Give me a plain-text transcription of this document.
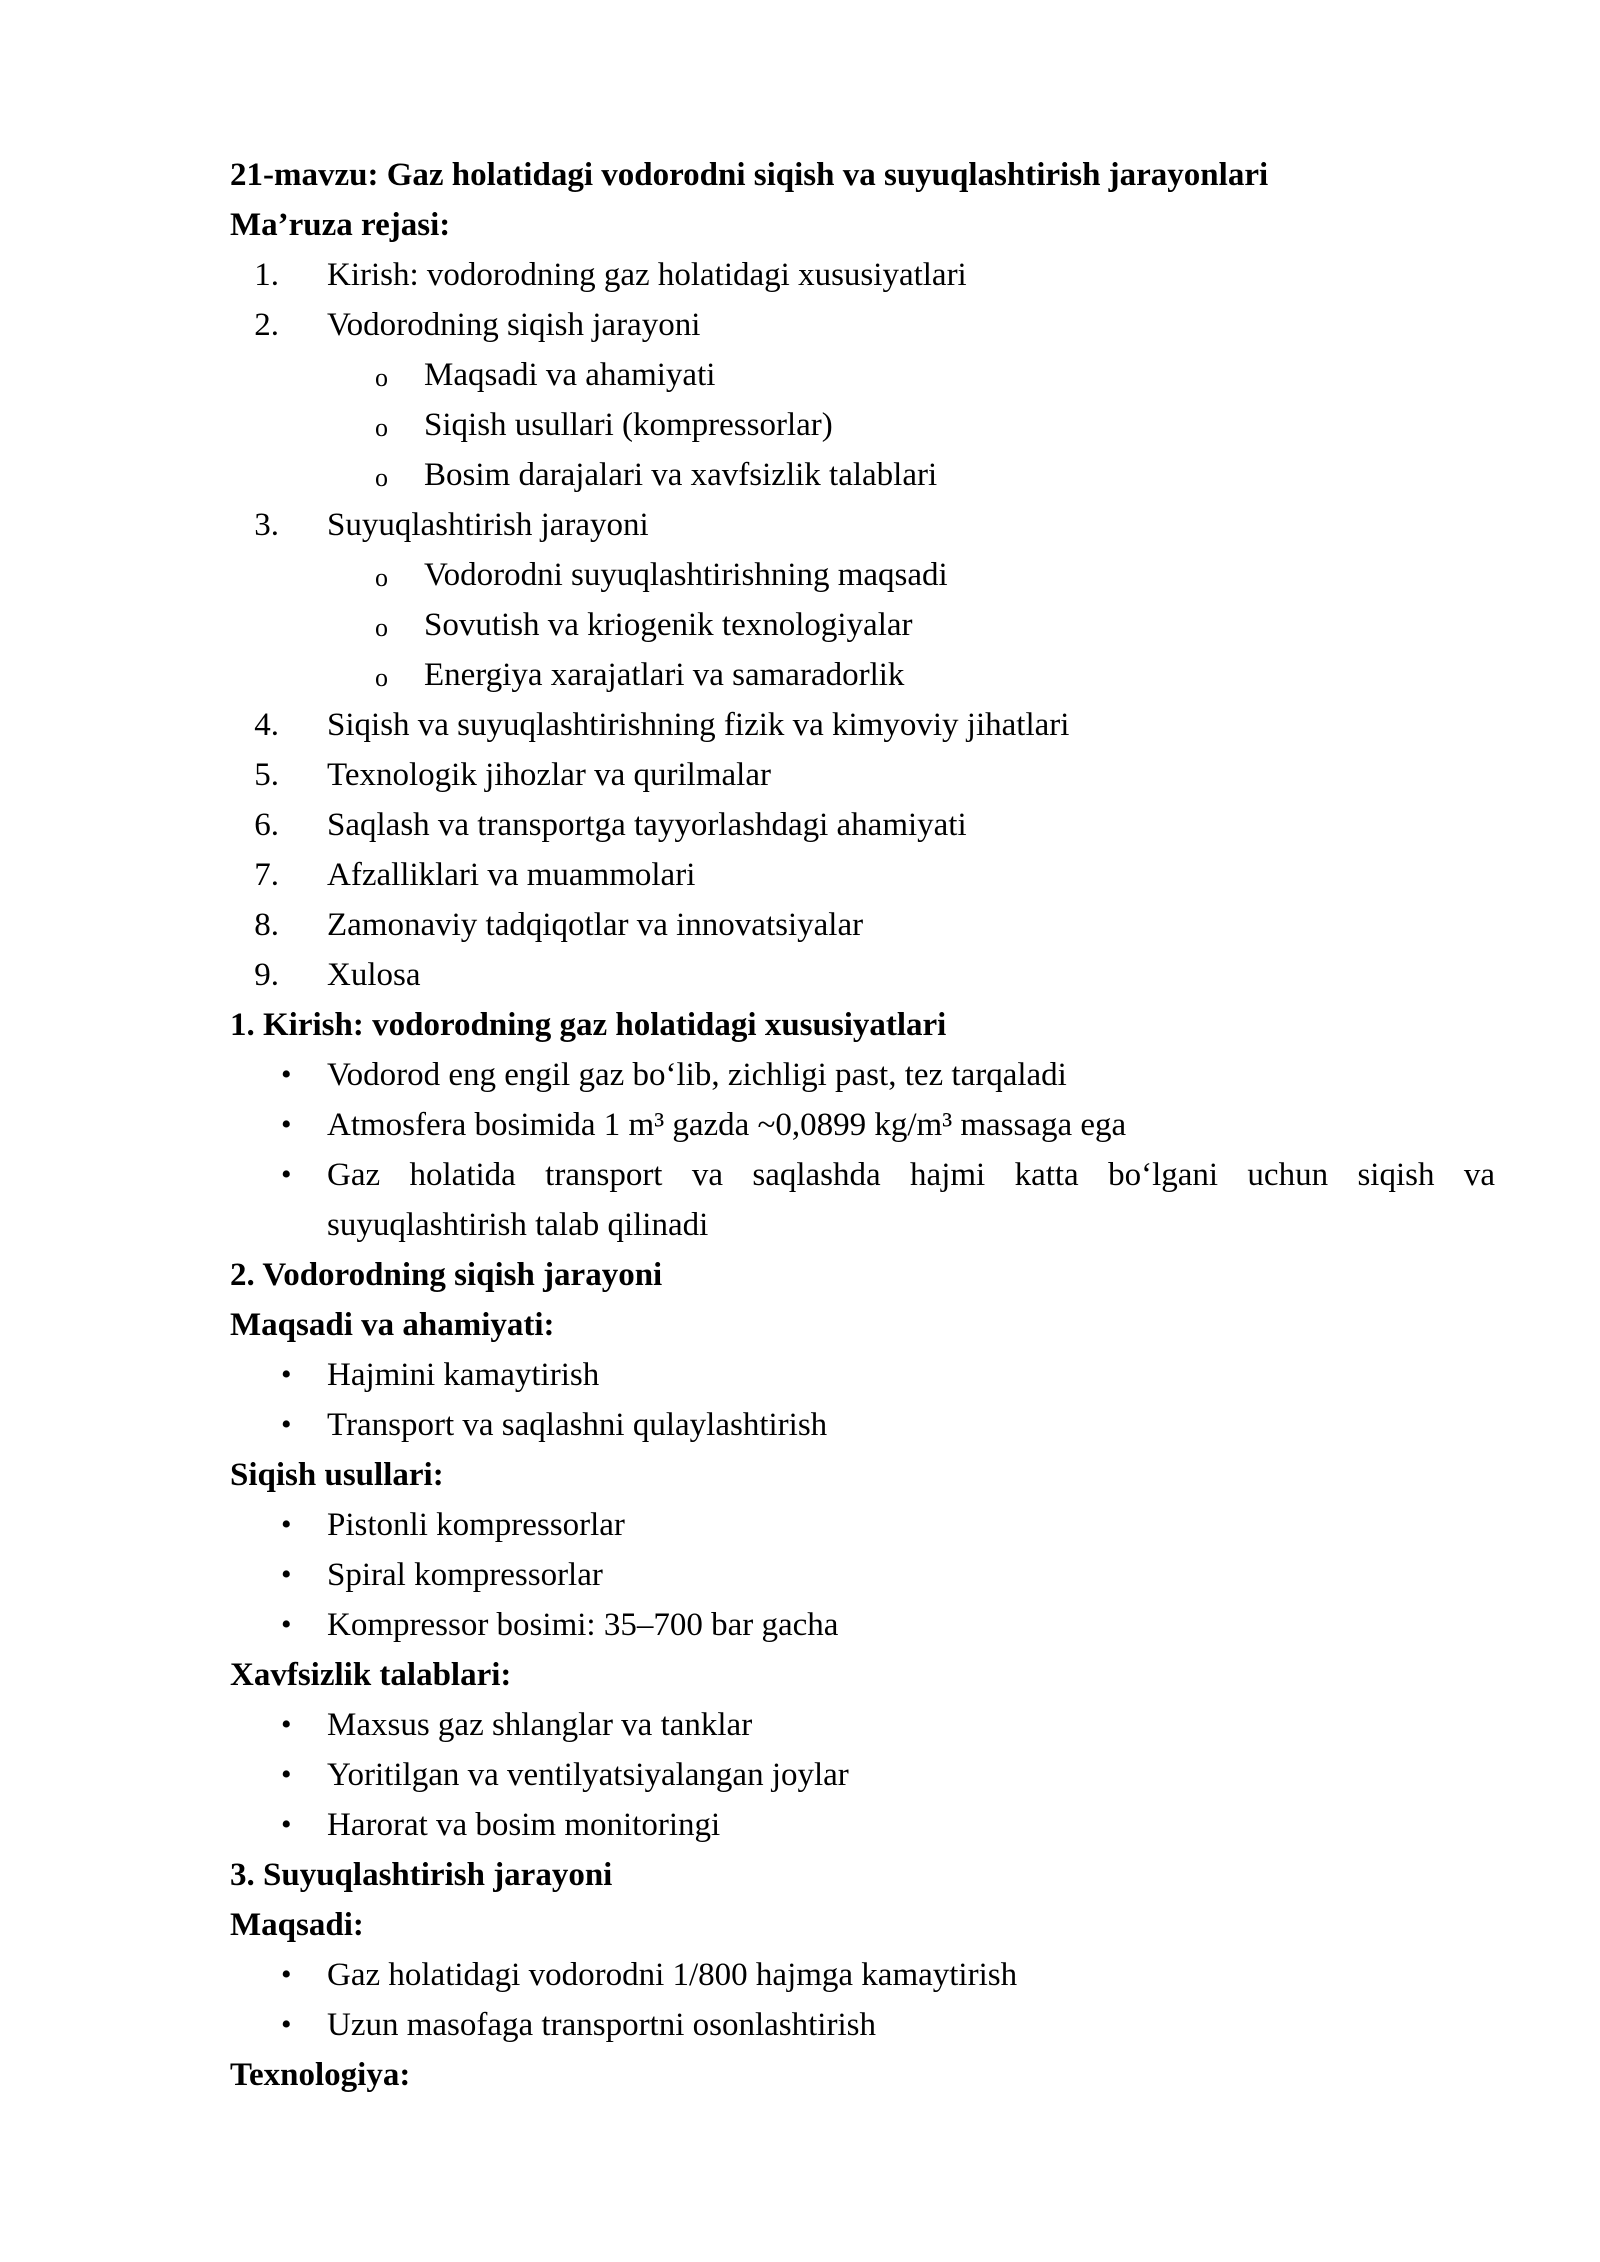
21-mavzu: Gaz holatidagi vodorodni siqish va suyuqlashtirish jarayonlari
Ma’ruza rejasi:
1. Kirish: vodorodning gaz holatidagi xususiyatlari
2. Vodorodning siqish jarayoni
o Maqsadi va ahamiyati
o Siqish usullari (kompressorlar)
o Bosim darajalari va xavfsizlik talablari
3. Suyuqlashtirish jarayoni
o Vodorodni suyuqlashtirishning maqsadi
o Sovutish va kriogenik texnologiyalar
o Energiya xarajatlari va samaradorlik
4. Siqish va suyuqlashtirishning fizik va kimyoviy jihatlari
5. Texnologik jihozlar va qurilmalar
6. Saqlash va transportga tayyorlashdagi ahamiyati
7. Afzalliklari va muammolari
8. Zamonaviy tadqiqotlar va innovatsiyalar
9. Xulosa
1. Kirish: vodorodning gaz holatidagi xususiyatlari
• Vodorod eng engil gaz bo‘lib, zichligi past, tez tarqaladi
• Atmosfera bosimida 1 m³ gazda ~0,0899 kg/m³ massaga ega
• Gaz holatida transport va saqlashda hajmi katta bo‘lgani uchun siqish va
suyuqlashtirish talab qilinadi
2. Vodorodning siqish jarayoni
Maqsadi va ahamiyati:
• Hajmini kamaytirish
• Transport va saqlashni qulaylashtirish
Siqish usullari:
• Pistonli kompressorlar
• Spiral kompressorlar
• Kompressor bosimi: 35–700 bar gacha
Xavfsizlik talablari:
• Maxsus gaz shlanglar va tanklar
• Yoritilgan va ventilyatsiyalangan joylar
• Harorat va bosim monitoringi
3. Suyuqlashtirish jarayoni
Maqsadi:
• Gaz holatidagi vodorodni 1/800 hajmga kamaytirish
• Uzun masofaga transportni osonlashtirish
Texnologiya:
